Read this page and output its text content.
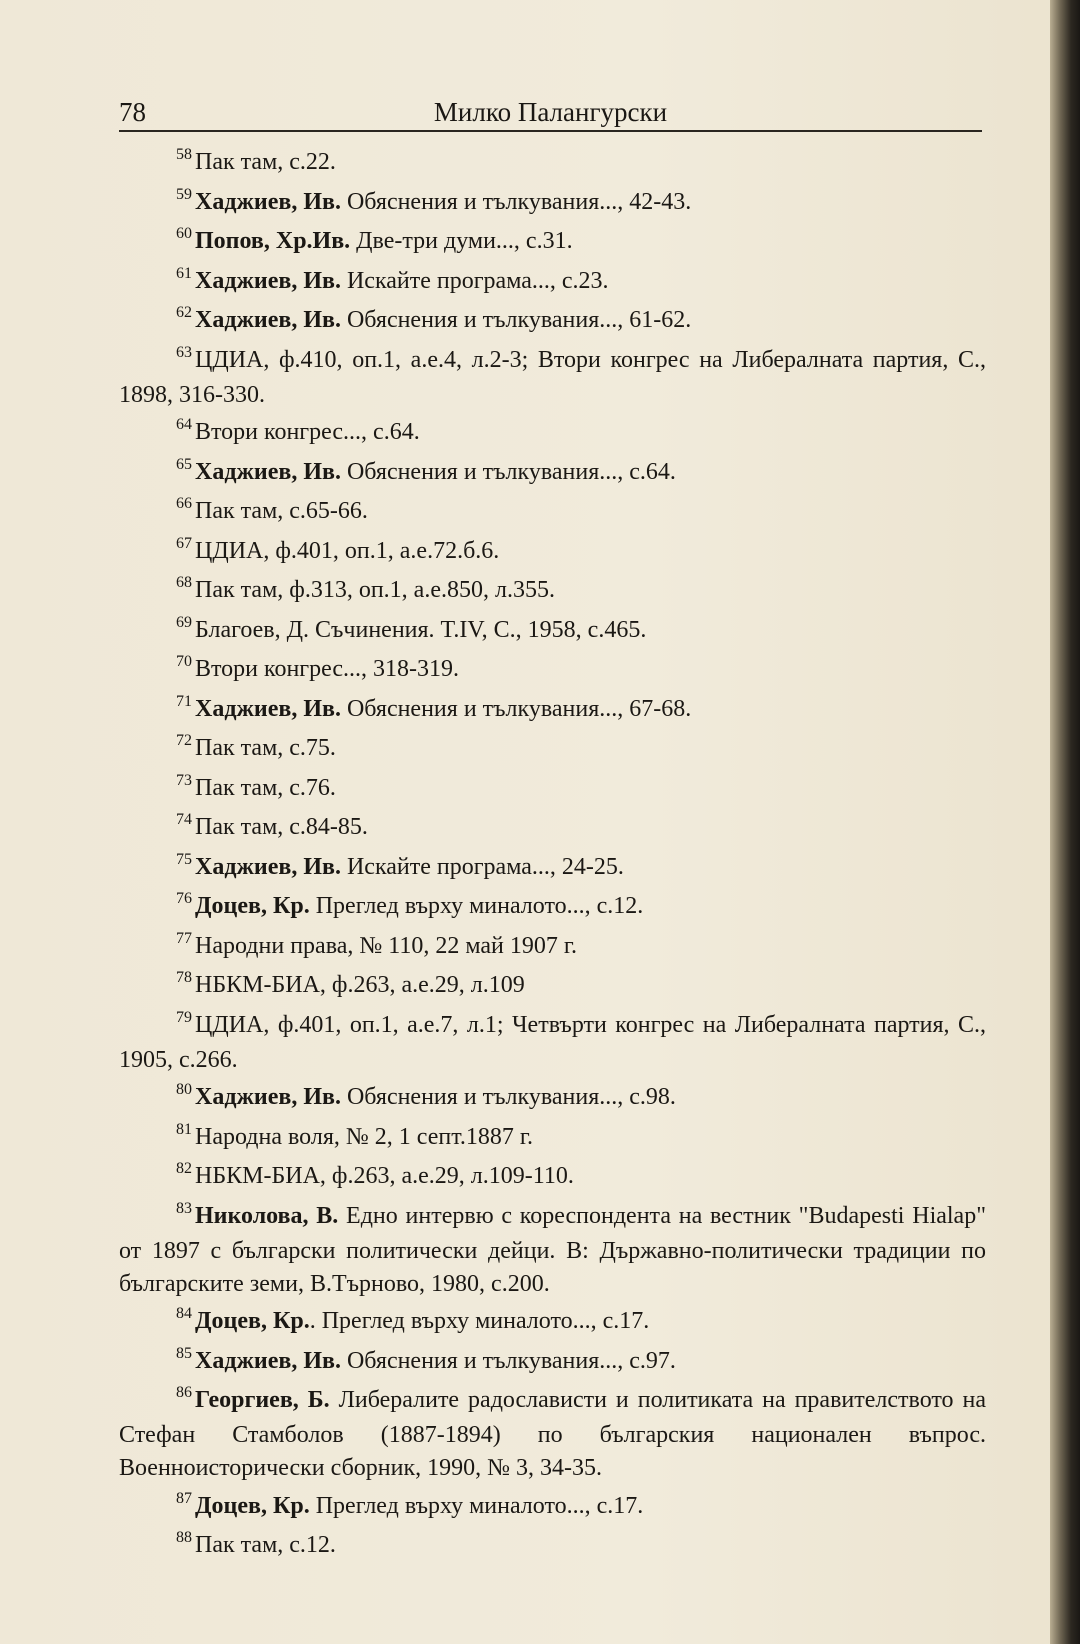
78	Милко Палангурски

$^{58}$ Пак там, с.22.

$^{59}$ Хаджиев, Ив. Обяснения и тълкувания..., 42-43.

$^{60}$ Попов, Хр.Ив. Две-три думи..., с.31.

$^{61}$ Хаджиев, Ив. Искайте програма..., с.23.

$^{62}$ Хаджиев, Ив. Обяснения и тълкувания..., 61-62.

$^{63}$ ЦДИА, ф.410, оп.1, а.е.4, л.2-3; Втори конгрес на Либералната партия, С., 1898, 316-330.

$^{64}$ Втори конгрес..., с.64.

$^{65}$ Хаджиев, Ив. Обяснения и тълкувания..., с.64.

$^{66}$ Пак там, с.65-66.

$^{67}$ ЦДИА, ф.401, оп.1, а.е.72.б.6.

$^{68}$ Пак там, ф.313, оп.1, а.е.850, л.355.

$^{69}$ Благоев, Д. Съчинения. T.IV, С., 1958, с.465.

$^{70}$ Втори конгрес..., 318-319.

$^{71}$ Хаджиев, Ив. Обяснения и тълкувания..., 67-68.

$^{72}$ Пак там, с.75.

$^{73}$ Пак там, с.76.

$^{74}$ Пак там, с.84-85.

$^{75}$ Хаджиев, Ив. Искайте програма..., 24-25.

$^{76}$ Доцев, Кр. Преглед върху миналото..., с.12.

$^{77}$ Народни права, № 110, 22 май 1907 г.

$^{78}$ НБКМ-БИА, ф.263, а.е.29, л.109

$^{79}$ ЦДИА, ф.401, оп.1, а.е.7, л.1; Четвърти конгрес на Либералната партия, С., 1905, с.266.

$^{80}$ Хаджиев, Ив. Обяснения и тълкувания..., с.98.

$^{81}$ Народна воля, № 2, 1 септ.1887 г.

$^{82}$ НБКМ-БИА, ф.263, а.е.29, л.109-110.

$^{83}$ Николова, В. Едно интервю с кореспондента на вестник "Budapesti Hialap" от 1897 с български политически дейци. В: Държавно-политически традиции по българските земи, В.Търново, 1980, с.200.

$^{84}$ Доцев, Кр.. Преглед върху миналото..., с.17.

$^{85}$ Хаджиев, Ив. Обяснения и тълкувания..., с.97.

$^{86}$ Георгиев, Б. Либералите радослависти и политиката на правителството на Стефан Стамболов (1887-1894) по българския национален въпрос. Военноисторически сборник, 1990, № 3, 34-35.

$^{87}$ Доцев, Кр. Преглед върху миналото..., с.17.

$^{88}$ Пак там, с.12.
